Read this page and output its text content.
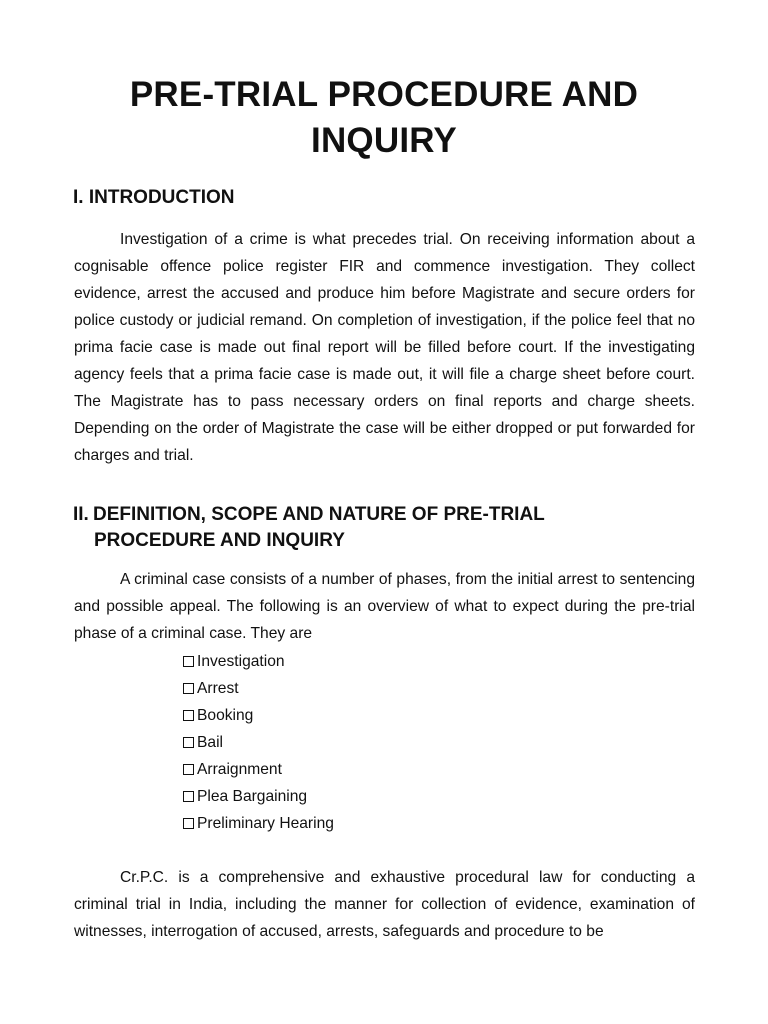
PRE-TRIAL PROCEDURE AND INQUIRY
I. INTRODUCTION

Investigation of a crime is what precedes trial. On receiving information about a cognisable offence police register FIR and commence investigation. They collect evidence, arrest the accused and produce him before Magistrate and secure orders for police custody or judicial remand. On completion of investigation, if the police feel that no prima facie case is made out final report will be filled before court. If the investigating agency feels that a prima facie case is made out, it will file a charge sheet before court. The Magistrate has to pass necessary orders on final reports and charge sheets. Depending on the order of Magistrate the case will be either dropped or put forwarded for charges and trial.

II. DEFINITION, SCOPE AND NATURE OF PRE-TRIAL
PROCEDURE AND INQUIRY

A criminal case consists of a number of phases, from the initial arrest to sentencing and possible appeal. The following is an overview of what to expect during the pre-trial phase of a criminal case. They are

Investigation
Arrest
Booking
Bail
Arraignment
Plea Bargaining
Preliminary Hearing

Cr.P.C. is a comprehensive and exhaustive procedural law for conducting a criminal trial in India, including the manner for collection of evidence, examination of witnesses, interrogation of accused, arrests, safeguards and procedure to be
